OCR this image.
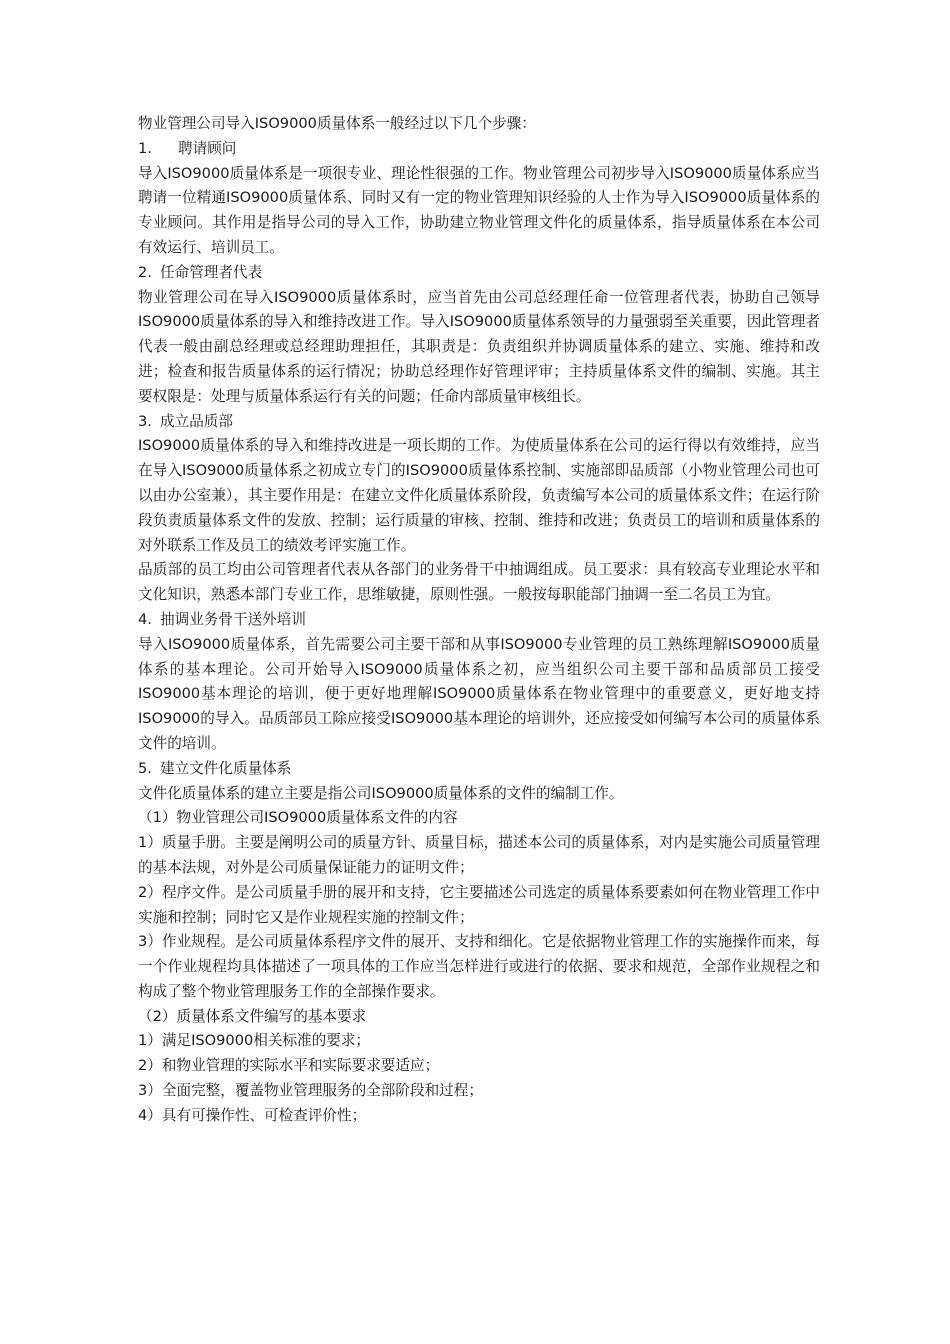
物业管理公司导入ISO9000质量体系一般经过以下几个步骤：

1. 聘请顾问

导入ISO9000质量体系是一项很专业、理论性很强的工作。物业管理公司初步导入ISO9000质量体系应当聘请一位精通ISO9000质量体系、同时又有一定的物业管理知识经验的人士作为导入ISO9000质量体系的专业顾问。其作用是指导公司的导入工作，协助建立物业管理文件化的质量体系，指导质量体系在本公司有效运行、培训员工。

2. 任命管理者代表

物业管理公司在导入ISO9000质量体系时，应当首先由公司总经理任命一位管理者代表，协助自己领导ISO9000质量体系的导入和维持改进工作。导入ISO9000质量体系领导的力量强弱至关重要，因此管理者代表一般由副总经理或总经理助理担任，其职责是：负责组织并协调质量体系的建立、实施、维持和改进；检查和报告质量体系的运行情况；协助总经理作好管理评审；主持质量体系文件的编制、实施。其主要权限是：处理与质量体系运行有关的问题；任命内部质量审核组长。

3. 成立品质部

ISO9000质量体系的导入和维持改进是一项长期的工作。为使质量体系在公司的运行得以有效维持，应当在导入ISO9000质量体系之初成立专门的ISO9000质量体系控制、实施部即品质部（小物业管理公司也可以由办公室兼），其主要作用是：在建立文件化质量体系阶段，负责编写本公司的质量体系文件；在运行阶段负责质量体系文件的发放、控制；运行质量的审核、控制、维持和改进；负责员工的培训和质量体系的对外联系工作及员工的绩效考评实施工作。

品质部的员工均由公司管理者代表从各部门的业务骨干中抽调组成。员工要求：具有较高专业理论水平和文化知识，熟悉本部门专业工作，思维敏捷，原则性强。一般按每职能部门抽调一至二名员工为宜。

4. 抽调业务骨干送外培训

导入ISO9000质量体系，首先需要公司主要干部和从事ISO9000专业管理的员工熟练理解ISO9000质量体系的基本理论。公司开始导入ISO9000质量体系之初，应当组织公司主要干部和品质部员工接受ISO9000基本理论的培训，便于更好地理解ISO9000质量体系在物业管理中的重要意义，更好地支持ISO9000的导入。品质部员工除应接受ISO9000基本理论的培训外，还应接受如何编写本公司的质量体系文件的培训。

5. 建立文件化质量体系

文件化质量体系的建立主要是指公司ISO9000质量体系的文件的编制工作。

（1）物业管理公司ISO9000质量体系文件的内容

1）质量手册。主要是阐明公司的质量方针、质量目标，描述本公司的质量体系，对内是实施公司质量管理的基本法规，对外是公司质量保证能力的证明文件；

2）程序文件。是公司质量手册的展开和支持，它主要描述公司选定的质量体系要素如何在物业管理工作中实施和控制；同时它又是作业规程实施的控制文件；

3）作业规程。是公司质量体系程序文件的展开、支持和细化。它是依据物业管理工作的实施操作而来，每一个作业规程均具体描述了一项具体的工作应当怎样进行或进行的依据、要求和规范，全部作业规程之和构成了整个物业管理服务工作的全部操作要求。

（2）质量体系文件编写的基本要求

1）满足ISO9000相关标准的要求；

2）和物业管理的实际水平和实际要求要适应；

3）全面完整，覆盖物业管理服务的全部阶段和过程；

4）具有可操作性、可检查评价性；
